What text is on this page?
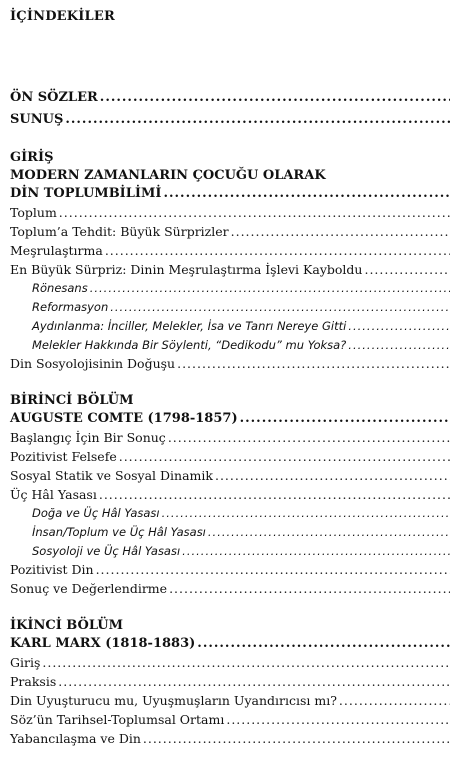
İÇİNDEKİLER
ÖN SÖZLER
.....
SUNUŞ
.....
GİRİŞ
MODERN ZAMANLARIN ÇOCUĞU OLARAK
DİN TOPLUMBİLİMİ
.....
Toplum
.....
Toplum’a Tehdit: Büyük Sürprizler
.....
Meşrulaştırma
.....
En Büyük Sürpriz: Dinin Meşrulaştırma İşlevi Kayboldu
.....
Rönesans
.....
Reformasyon
.....
Aydınlanma: İnciller, Melekler, İsa ve Tanrı Nereye Gitti
.....
Melekler Hakkında Bir Söylenti, “Dedikodu” mu Yoksa?
.....
Din Sosyolojisinin Doğuşu
.....
BİRİNCİ BÖLÜM
AUGUSTE COMTE (1798-1857)
.....
Başlangıç İçin Bir Sonuç
.....
Pozitivist Felsefe
.....
Sosyal Statik ve Sosyal Dinamik
.....
Üç Hâl Yasası
.....
Doğa ve Üç Hâl Yasası
.....
İnsan/Toplum ve Üç Hâl Yasası
.....
Sosyoloji ve Üç Hâl Yasası
.....
Pozitivist Din
.....
Sonuç ve Değerlendirme
.....
İKİNCİ BÖLÜM
KARL MARX (1818-1883)
.....
Giriş
.....
Praksis
.....
Din Uyuşturucu mu, Uyuşmuşların Uyandırıcısı mı?
.....
Söz’ün Tarihsel-Toplumsal Ortamı
.....
Yabancılaşma ve Din
.....
